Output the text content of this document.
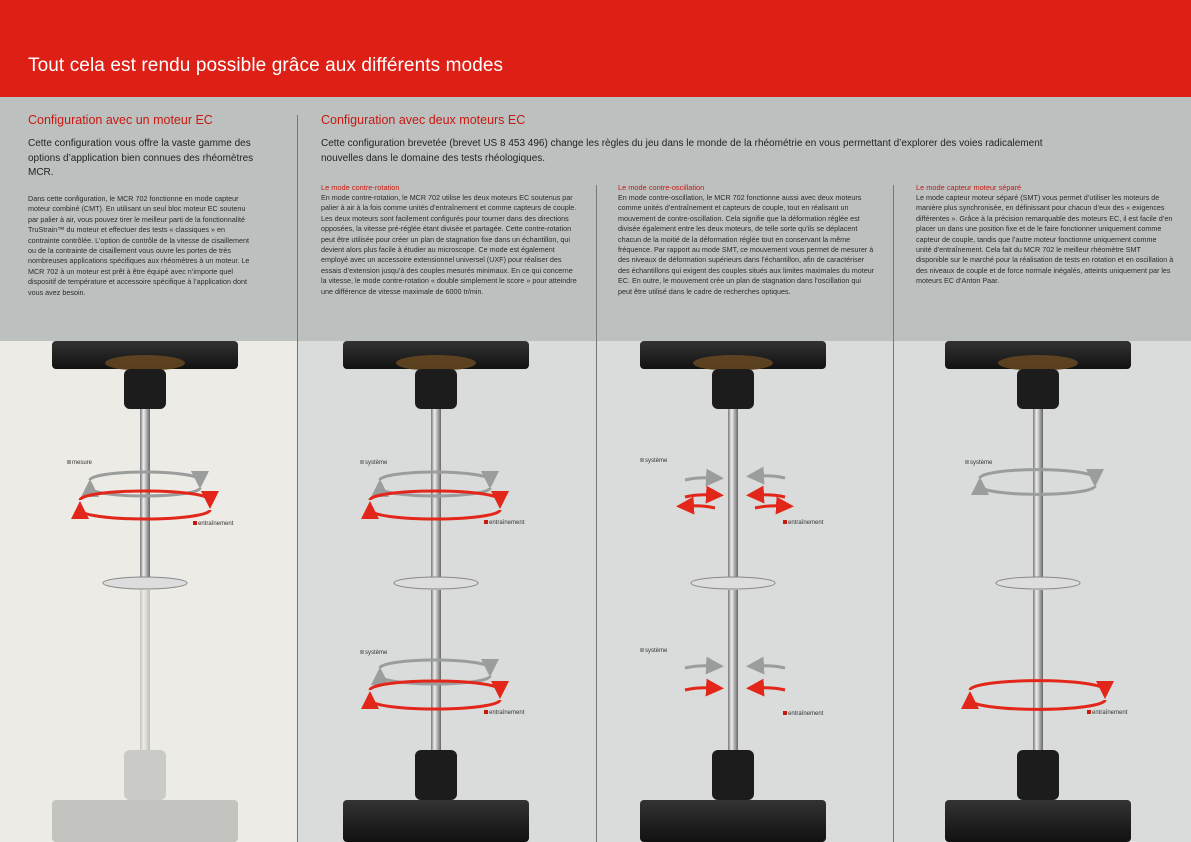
Tout cela est rendu possible grâce aux différents modes
Configuration avec un moteur EC

Cette configuration vous offre la vaste gamme des options d’application bien connues des rhéomètres MCR.

Dans cette configuration, le MCR 702 fonctionne en mode capteur moteur combiné (CMT). En utilisant un seul bloc moteur EC soutenu par palier à air, vous pouvez tirer le meilleur parti de la fonctionnalité TruStrain™ du moteur et effectuer des tests « classiques » en contrainte contrôlée. L’option de contrôle de la vitesse de cisaillement ou de la contrainte de cisaillement vous ouvre les portes de très nombreuses applications spécifiques aux rhéomètres à un moteur. Le MCR 702 à un moteur est prêt à être équipé avec n’importe quel dispositif de température et accessoire spécifique à l’application dont vous avez besoin.

Configuration avec deux moteurs EC

Cette configuration brevetée (brevet US 8 453 496) change les règles du jeu dans le monde de la rhéométrie en vous permettant d’explorer des voies radicalement nouvelles dans le domaine des tests rhéologiques.

Le mode contre-rotation

En mode contre-rotation, le MCR 702 utilise les deux moteurs EC soutenus par palier à air à la fois comme unités d’entraînement et comme capteurs de couple. Les deux moteurs sont facilement configurés pour tourner dans des directions opposées, la vitesse pré-réglée étant divisée et partagée. Cette contre-rotation peut être utilisée pour créer un plan de stagnation fixe dans un échantillon, qui devient alors plus facile à étudier au microscope. Ce mode est également employé avec un accessoire extensionnel universel (UXF) pour réaliser des essais d’extension jusqu’à des couples mesurés minimaux. En ce qui concerne la vitesse, le mode contre-rotation « double simplement le score » pour atteindre une différence de vitesse maximale de 6000 tr/min.

Le mode contre-oscillation

En mode contre-oscillation, le MCR 702 fonctionne aussi avec deux moteurs comme unités d’entraînement et capteurs de couple, tout en réalisant un mouvement de contre-oscillation. Cela signifie que la déformation réglée est divisée également entre les deux moteurs, de telle sorte qu’ils se déplacent chacun de la moitié de la déformation réglée tout en conservant la même fréquence. Par rapport au mode SMT, ce mouvement vous permet de mesurer à des niveaux de déformation supérieurs dans l’échantillon, afin de caractériser des échantillons qui exigent des couples situés aux limites maximales du moteur EC. En outre, le mouvement crée un plan de stagnation dans l’oscillation qui peut être utilisé dans le cadre de recherches optiques.

Le mode capteur moteur séparé

Le mode capteur moteur séparé (SMT) vous permet d’utiliser les moteurs de manière plus synchronisée, en définissant pour chacun d’eux des « exigences différentes ». Grâce à la précision remarquable des moteurs EC, il est facile d’en placer un dans une position fixe et de le faire fonctionner uniquement comme capteur de couple, tandis que l’autre moteur fonctionne uniquement comme unité d’entraînement. Cela fait du MCR 702 le meilleur rhéomètre SMT disponible sur le marché pour la réalisation de tests en rotation et en oscillation à des niveaux de couple et de force normale inégalés, atteints uniquement par les moteurs EC d’Anton Paar.

mesure
entraînement
système
entraînement
système
entraînement
système
entraînement
système
entraînement
système
entraînement
